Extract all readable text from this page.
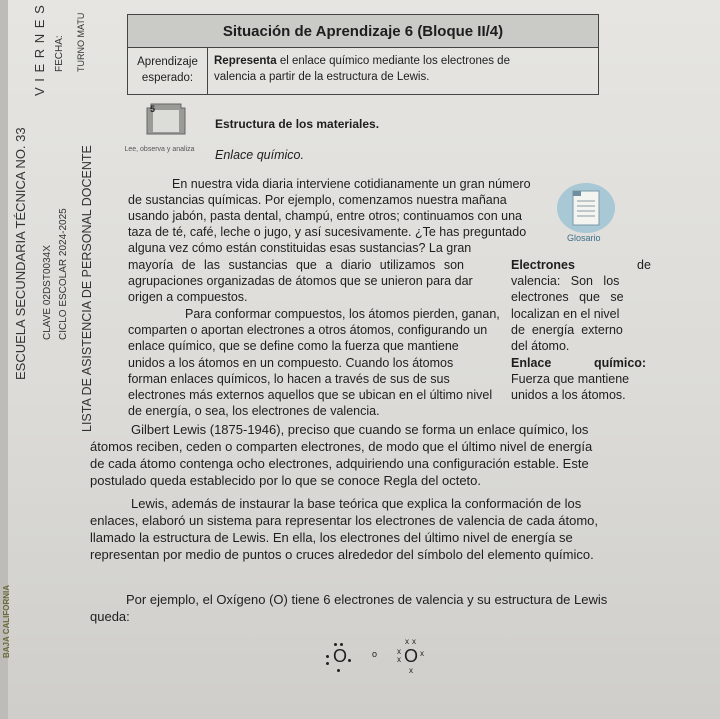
V I E R N E S FECHA: TURNO MATU
ESCUELA SECUNDARIA TÉCNICA NO. 33 CLAVE 02DST0034X CICLO ESCOLAR 2024-2025 LISTA DE ASISTENCIA DE PERSONAL DOCENTE
BAJA CALIFORNIA
Situación de Aprendizaje 6 (Bloque II/4)
Aprendizaje esperado:
Representa el enlace químico mediante los electrones de
valencia a partir de la estructura de Lewis.
5
Estructura de los materiales.
Lee, observa y analiza Enlace químico.
Glosario
En nuestra vida diaria interviene cotidianamente un gran número
de sustancias químicas. Por ejemplo, comenzamos nuestra mañana
usando jabón, pasta dental, champú, entre otros; continuamos con una
taza de té, café, leche o jugo, y así sucesivamente. ¿Te has preguntado
alguna vez cómo están constituidas esas sustancias? La gran
mayoría de las sustancias que a diario utilizamos son
agrupaciones organizadas de átomos que se unieron para dar
origen a compuestos.
Para conformar compuestos, los átomos pierden, ganan,
comparten o aportan electrones a otros átomos, configurando un
enlace químico, que se define como la fuerza que mantiene
unidos a los átomos en un compuesto. Cuando los átomos
forman enlaces químicos, lo hacen a través de sus de sus
electrones más externos aquellos que se ubican en el último nivel
de energía, o sea, los electrones de valencia.
Electrones	de
valencia:   Son   los
electrones   que   se
localizan en el nivel
de  energía  externo
del átomo.
Enlace	químico:
Fuerza que mantiene
unidos a los átomos.
Gilbert Lewis (1875-1946), preciso que cuando se forma un enlace químico, los
átomos reciben, ceden o comparten electrones, de modo que el último nivel de energía
de cada átomo contenga ocho electrones, adquiriendo una configuración estable. Este
postulado queda establecido por lo que se conoce Regla del octeto.
Lewis, además de instaurar la base teórica que explica la conformación de los
enlaces, elaboró un sistema para representar los electrones de valencia de cada átomo,
llamado la estructura de Lewis. En ella, los electrones del último nivel de energía se
representan por medio de puntos o cruces alrededor del símbolo del elemento químico.
Por ejemplo, el Oxígeno (O) tiene 6 electrones de valencia y su estructura de Lewis
queda:
O	o O
x x
x
x
x
x
